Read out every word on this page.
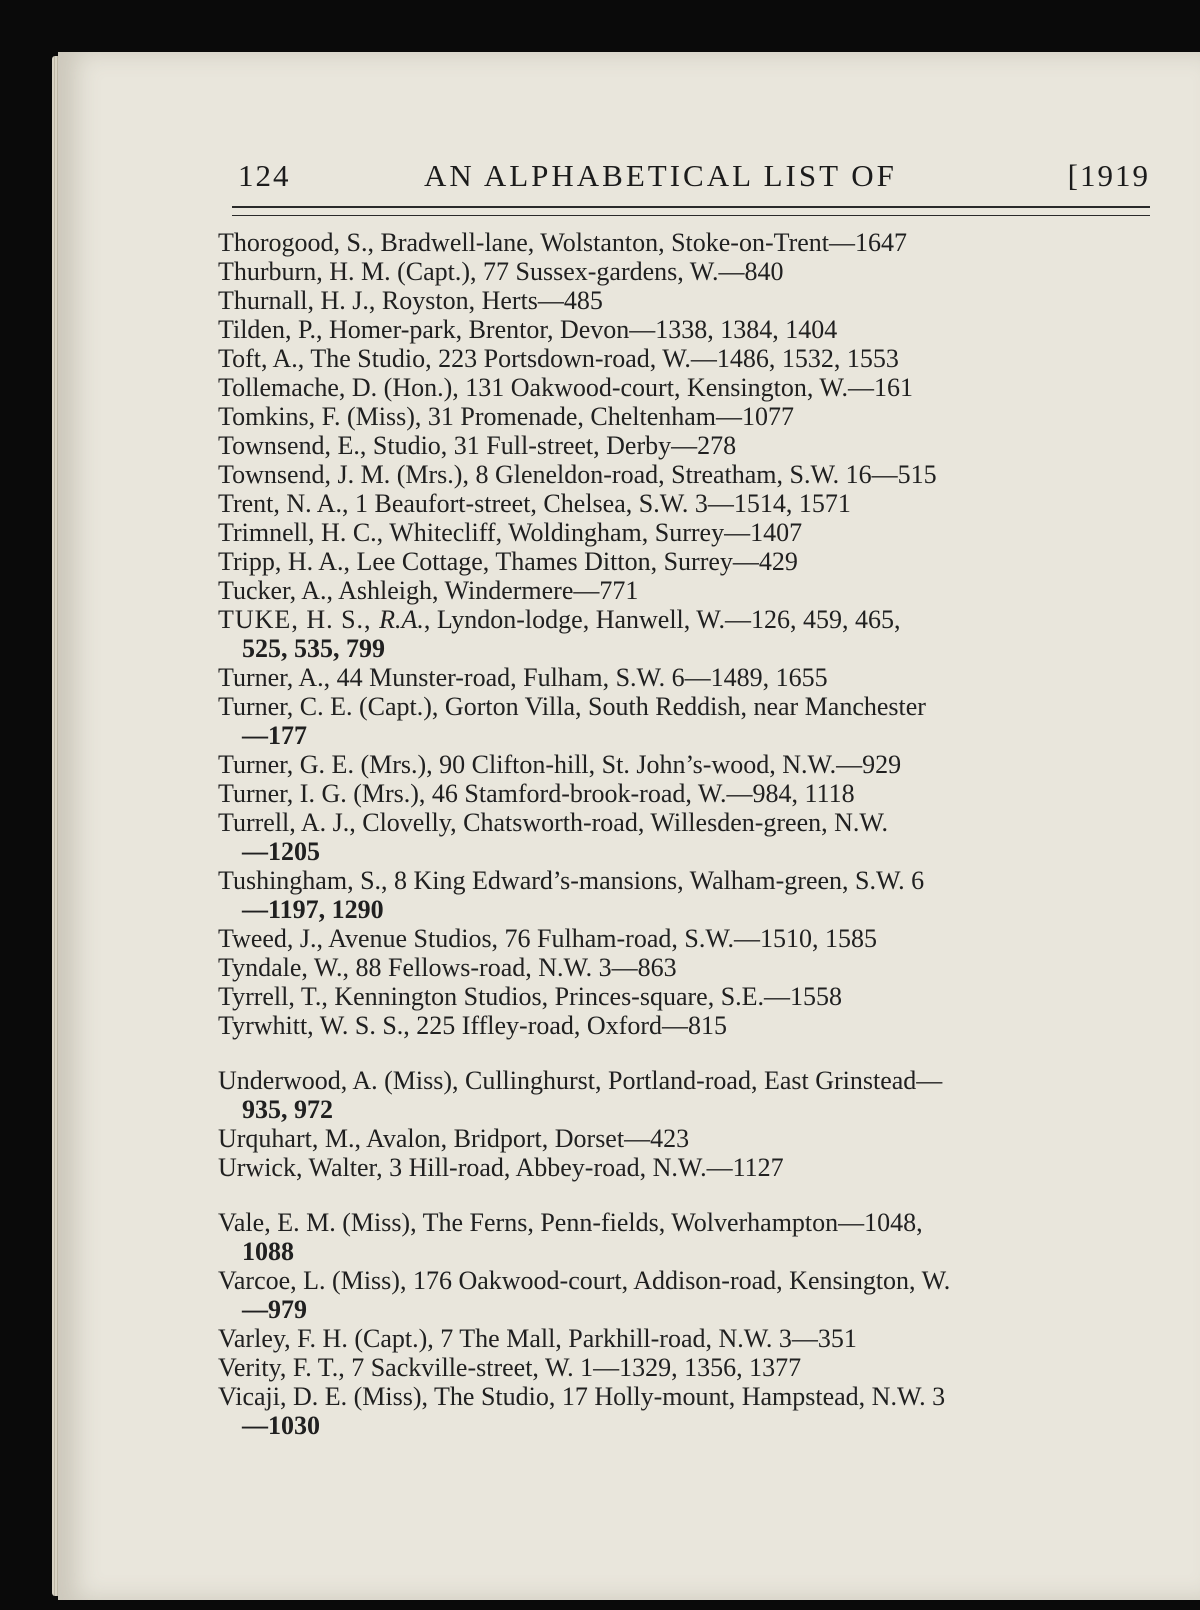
124	AN ALPHABETICAL LIST OF	[1919
Thorogood, S., Bradwell-lane, Wolstanton, Stoke-on-Trent—1647
Thurburn, H. M. (Capt.), 77 Sussex-gardens, W.—840
Thurnall, H. J., Royston, Herts—485
Tilden, P., Homer-park, Brentor, Devon—1338, 1384, 1404
Toft, A., The Studio, 223 Portsdown-road, W.—1486, 1532, 1553
Tollemache, D. (Hon.), 131 Oakwood-court, Kensington, W.—161
Tomkins, F. (Miss), 31 Promenade, Cheltenham—1077
Townsend, E., Studio, 31 Full-street, Derby—278
Townsend, J. M. (Mrs.), 8 Gleneldon-road, Streatham, S.W. 16—515
Trent, N. A., 1 Beaufort-street, Chelsea, S.W. 3—1514, 1571
Trimnell, H. C., Whitecliff, Woldingham, Surrey—1407
Tripp, H. A., Lee Cottage, Thames Ditton, Surrey—429
Tucker, A., Ashleigh, Windermere—771
TUKE, H. S., R.A., Lyndon-lodge, Hanwell, W.—126, 459, 465,
525, 535, 799
Turner, A., 44 Munster-road, Fulham, S.W. 6—1489, 1655
Turner, C. E. (Capt.), Gorton Villa, South Reddish, near Manchester
—177
Turner, G. E. (Mrs.), 90 Clifton-hill, St. John’s-wood, N.W.—929
Turner, I. G. (Mrs.), 46 Stamford-brook-road, W.—984, 1118
Turrell, A. J., Clovelly, Chatsworth-road, Willesden-green, N.W.
—1205
Tushingham, S., 8 King Edward’s-mansions, Walham-green, S.W. 6
—1197, 1290
Tweed, J., Avenue Studios, 76 Fulham-road, S.W.—1510, 1585
Tyndale, W., 88 Fellows-road, N.W. 3—863
Tyrrell, T., Kennington Studios, Princes-square, S.E.—1558
Tyrwhitt, W. S. S., 225 Iffley-road, Oxford—815
Underwood, A. (Miss), Cullinghurst, Portland-road, East Grinstead—
935, 972
Urquhart, M., Avalon, Bridport, Dorset—423
Urwick, Walter, 3 Hill-road, Abbey-road, N.W.—1127
Vale, E. M. (Miss), The Ferns, Penn-fields, Wolverhampton—1048,
1088
Varcoe, L. (Miss), 176 Oakwood-court, Addison-road, Kensington, W.
—979
Varley, F. H. (Capt.), 7 The Mall, Parkhill-road, N.W. 3—351
Verity, F. T., 7 Sackville-street, W. 1—1329, 1356, 1377
Vicaji, D. E. (Miss), The Studio, 17 Holly-mount, Hampstead, N.W. 3
—1030
